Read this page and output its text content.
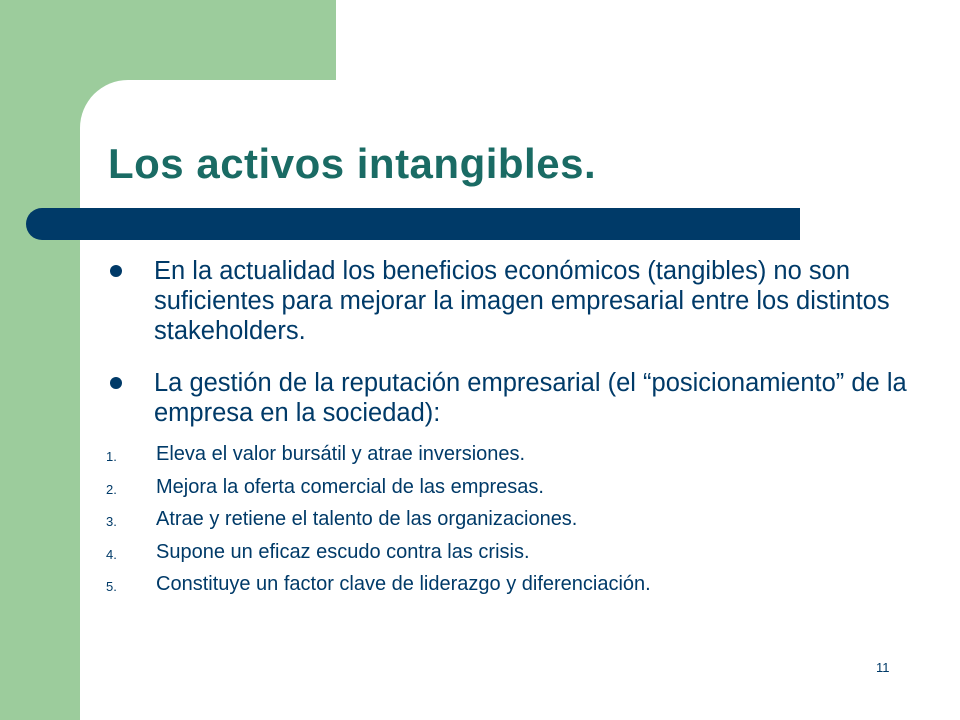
Los activos intangibles.
En la actualidad los beneficios económicos (tangibles) no son suficientes para mejorar la imagen empresarial entre los distintos stakeholders.
La gestión de la reputación empresarial (el “posicionamiento” de la empresa en la sociedad):
1. Eleva el valor bursátil y atrae inversiones.
2. Mejora la oferta comercial de las empresas.
3. Atrae y retiene el talento de las organizaciones.
4. Supone un eficaz escudo contra las crisis.
5. Constituye un factor clave de liderazgo y diferenciación.
11
